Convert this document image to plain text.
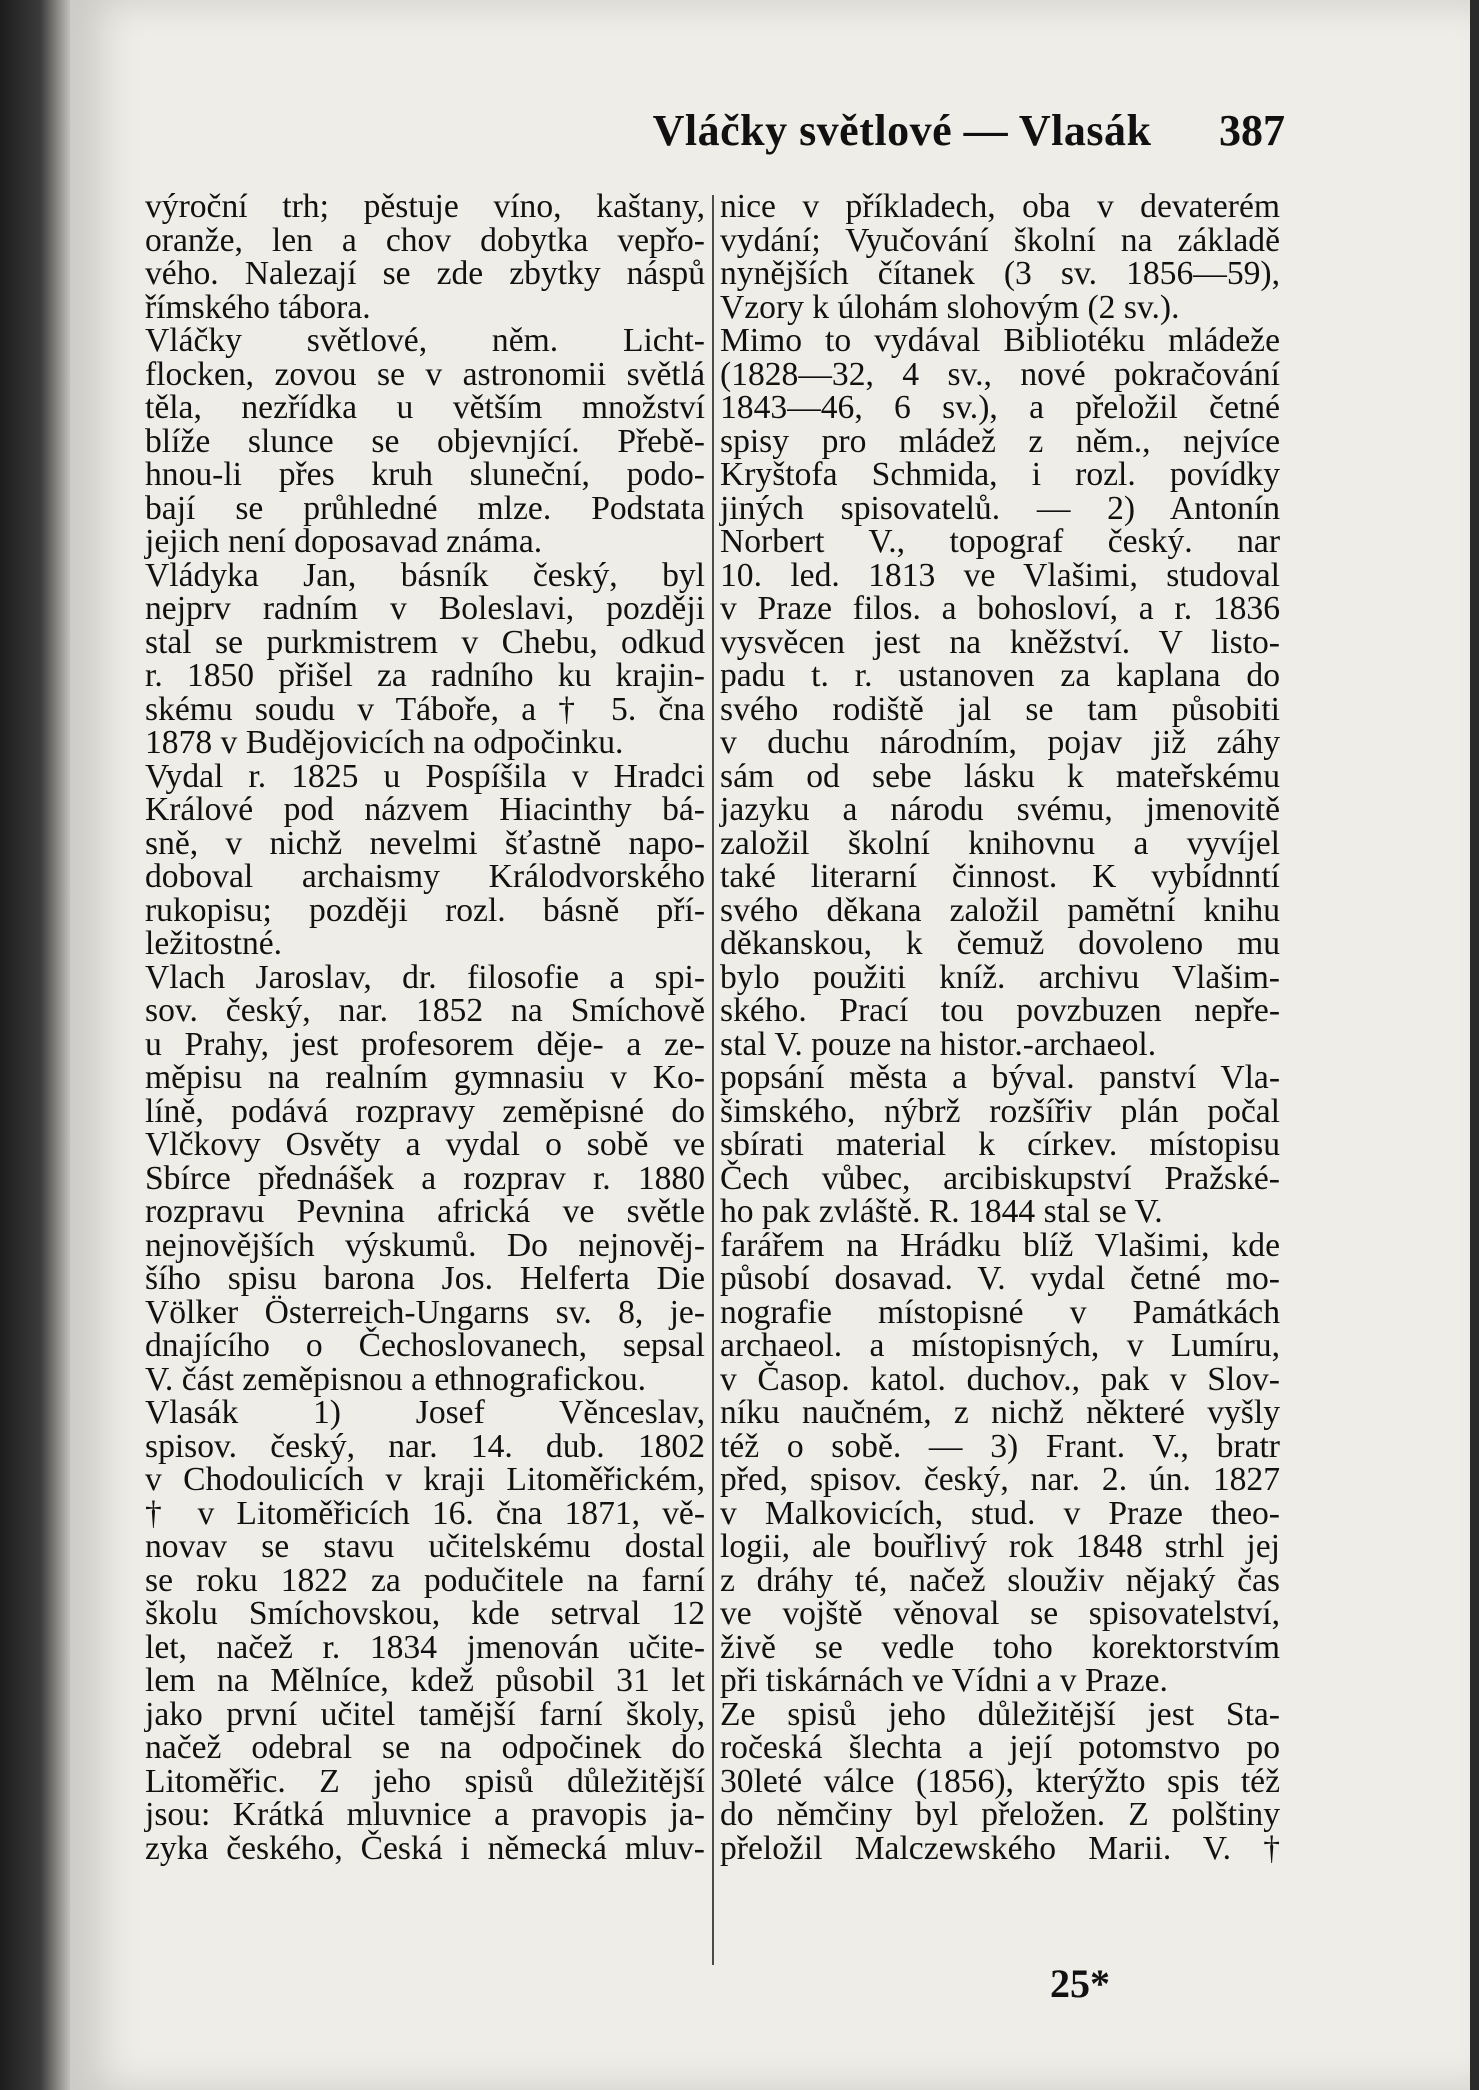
Vláčky světlové — Vlasák 387
výroční trh; pěstuje víno, kaštany,
oranže, len a chov dobytka vepřo-
vého. Nalezají se zde zbytky náspů
římského tábora.
Vláčky světlové, něm. Licht-
flocken, zovou se v astronomii světlá
těla, nezřídka u větším množství
blíže slunce se objevnjící. Přebě-
hnou-li přes kruh sluneční, podo-
bají se průhledné mlze. Podstata
jejich není doposavad známa.
Vládyka Jan, básník český, byl
nejprv radním v Boleslavi, později
stal se purkmistrem v Chebu, odkud
r. 1850 přišel za radního ku krajin-
skému soudu v Táboře, a † 5. čna
1878 v Budějovicích na odpočinku.
Vydal r. 1825 u Pospíšila v Hradci
Králové pod názvem Hiacinthy bá-
sně, v nichž nevelmi šťastně napo-
doboval archaismy Králodvorského
rukopisu; později rozl. básně pří-
ležitostné.
Vlach Jaroslav, dr. filosofie a spi-
sov. český, nar. 1852 na Smíchově
u Prahy, jest profesorem děje- a ze-
měpisu na realním gymnasiu v Ko-
líně, podává rozpravy zeměpisné do
Vlčkovy Osvěty a vydal o sobě ve
Sbírce přednášek a rozprav r. 1880
rozpravu Pevnina africká ve světle
nejnovějších výskumů. Do nejnověj-
šího spisu barona Jos. Helferta Die
Völker Österreich-Ungarns sv. 8, je-
dnajícího o Čechoslovanech, sepsal
V. část zeměpisnou a ethnografickou.
Vlasák 1) Josef Věnceslav,
spisov. český, nar. 14. dub. 1802
v Chodoulicích v kraji Litoměřickém,
† v Litoměřicích 16. čna 1871, vě-
novav se stavu učitelskému dostal
se roku 1822 za podučitele na farní
školu Smíchovskou, kde setrval 12
let, načež r. 1834 jmenován učite-
lem na Mělníce, kdež působil 31 let
jako první učitel tamější farní školy,
načež odebral se na odpočinek do
Litoměřic. Z jeho spisů důležitější
jsou: Krátká mluvnice a pravopis ja-
zyka českého, Česká i německá mluv-
nice v příkladech, oba v devaterém
vydání; Vyučování školní na základě
nynějších čítanek (3 sv. 1856—59),
Vzory k úlohám slohovým (2 sv.).
Mimo to vydával Bibliotéku mládeže
(1828—32, 4 sv., nové pokračování
1843—46, 6 sv.), a přeložil četné
spisy pro mládež z něm., nejvíce
Kryštofa Schmida, i rozl. povídky
jiných spisovatelů. — 2) Antonín
Norbert V., topograf český. nar
10. led. 1813 ve Vlašimi, studoval
v Praze filos. a bohosloví, a r. 1836
vysvěcen jest na kněžství. V listo-
padu t. r. ustanoven za kaplana do
svého rodiště jal se tam působiti
v duchu národním, pojav již záhy
sám od sebe lásku k mateřskému
jazyku a národu svému, jmenovitě
založil školní knihovnu a vyvíjel
také literarní činnost. K vybídnntí
svého děkana založil pamětní knihu
děkanskou, k čemuž dovoleno mu
bylo použiti kníž. archivu Vlašim-
ského. Prací tou povzbuzen nepře-
stal V. pouze na histor.-archaeol.
popsání města a býval. panství Vla-
šimského, nýbrž rozšířiv plán počal
sbírati material k církev. místopisu
Čech vůbec, arcibiskupství Pražské-
ho pak zvláště. R. 1844 stal se V.
farářem na Hrádku blíž Vlašimi, kde
působí dosavad. V. vydal četné mo-
nografie místopisné v Památkách
archaeol. a místopisných, v Lumíru,
v Časop. katol. duchov., pak v Slov-
níku naučném, z nichž některé vyšly
též o sobě. — 3) Frant. V., bratr
před, spisov. český, nar. 2. ún. 1827
v Malkovicích, stud. v Praze theo-
logii, ale bouřlivý rok 1848 strhl jej
z dráhy té, načež slouživ nějaký čas
ve vojště věnoval se spisovatelství,
živě se vedle toho korektorstvím
při tiskárnách ve Vídni a v Praze.
Ze spisů jeho důležitější jest Sta-
ročeská šlechta a její potomstvo po
30leté válce (1856), kterýžto spis též
do němčiny byl přeložen. Z polštiny
přeložil Malczewského Marii. V. †
25*
